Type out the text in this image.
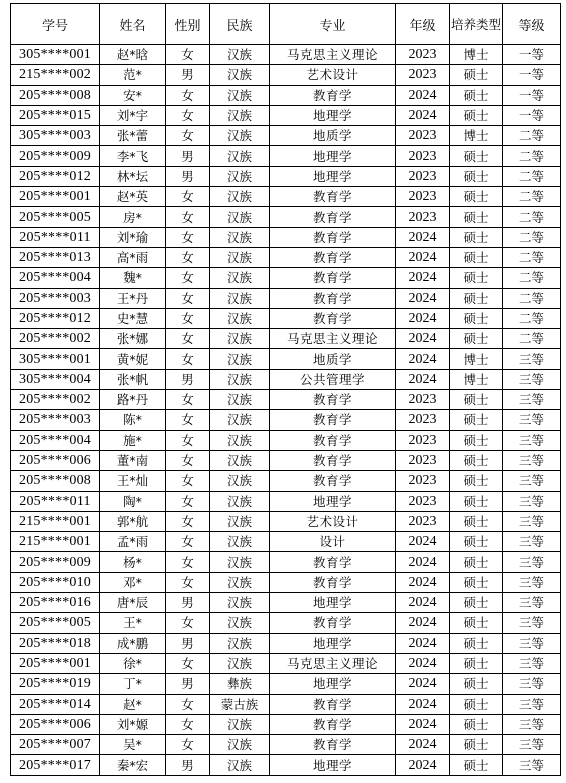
学号	姓名	性别	民族	专业	年级	培养类型	等级
305****001	赵*晗	女	汉族	马克思主义理论	2023	博士	一等
215****002	范*	男	汉族	艺术设计	2023	硕士	一等
205****008	安*	女	汉族	教育学	2024	硕士	一等
205****015	刘*宇	女	汉族	地理学	2024	硕士	一等
305****003	张*蕾	女	汉族	地质学	2023	博士	二等
205****009	李*飞	男	汉族	地理学	2023	硕士	二等
205****012	林*坛	男	汉族	地理学	2023	硕士	二等
205****001	赵*英	女	汉族	教育学	2023	硕士	二等
205****005	房*	女	汉族	教育学	2023	硕士	二等
205****011	刘*瑜	女	汉族	教育学	2024	硕士	二等
205****013	高*雨	女	汉族	教育学	2024	硕士	二等
205****004	魏*	女	汉族	教育学	2024	硕士	二等
205****003	王*丹	女	汉族	教育学	2024	硕士	二等
205****012	史*慧	女	汉族	教育学	2024	硕士	二等
205****002	张*娜	女	汉族	马克思主义理论	2024	硕士	二等
305****001	黄*妮	女	汉族	地质学	2024	博士	三等
305****004	张*帆	男	汉族	公共管理学	2024	博士	三等
205****002	路*丹	女	汉族	教育学	2023	硕士	三等
205****003	陈*	女	汉族	教育学	2023	硕士	三等
205****004	施*	女	汉族	教育学	2023	硕士	三等
205****006	董*南	女	汉族	教育学	2023	硕士	三等
205****008	王*灿	女	汉族	教育学	2023	硕士	三等
205****011	陶*	女	汉族	地理学	2023	硕士	三等
215****001	郭*航	女	汉族	艺术设计	2023	硕士	三等
215****001	孟*雨	女	汉族	设计	2024	硕士	三等
205****009	杨*	女	汉族	教育学	2024	硕士	三等
205****010	邓*	女	汉族	教育学	2024	硕士	三等
205****016	唐*辰	男	汉族	地理学	2024	硕士	三等
205****005	王*	女	汉族	教育学	2024	硕士	三等
205****018	成*鹏	男	汉族	地理学	2024	硕士	三等
205****001	徐*	女	汉族	马克思主义理论	2024	硕士	三等
205****019	丁*	男	彝族	地理学	2024	硕士	三等
205****014	赵*	女	蒙古族	教育学	2024	硕士	三等
205****006	刘*嫄	女	汉族	教育学	2024	硕士	三等
205****007	吴*	女	汉族	教育学	2024	硕士	三等
205****017	秦*宏	男	汉族	地理学	2024	硕士	三等
